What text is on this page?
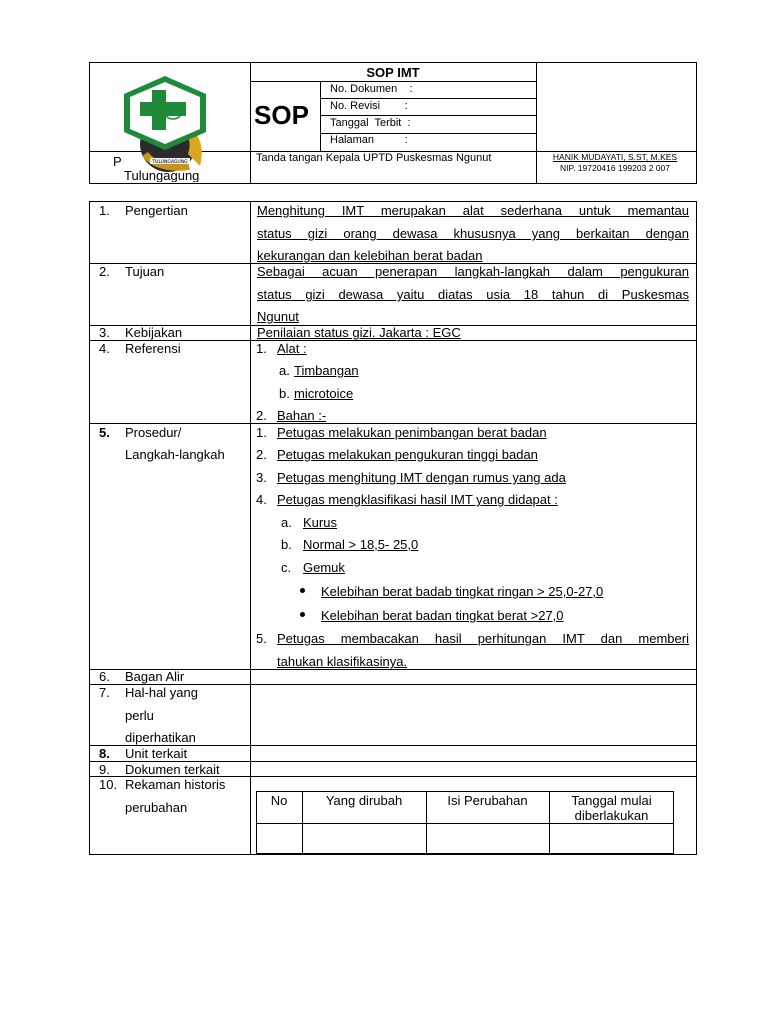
TULUNGAGUNG
P
Tulungagung
SOP IMT
SOP
No. Dokumen    :
No. Revisi        :
Tanggal  Terbit  :
Halaman          :
Tanda tangan Kepala UPTD Puskesmas Ngunut	HANIK MUDAYATI, S.ST, M.KES
NIP. 19720416 199203 2 007
1. Pengertian	Menghitung IMT merupakan alat sederhana untuk memantau
status gizi orang dewasa khususnya yang berkaitan dengan
kekurangan dan kelebihan berat badan
2. Tujuan	Sebagai acuan penerapan langkah-langkah dalam pengukuran
status gizi dewasa yaitu diatas usia 18 tahun di Puskesmas
Ngunut
3. Kebijakan	Penilaian status gizi. Jakarta : EGC
4. Referensi	1. Alat :
a. Timbangan
b. microtoice
2. Bahan :-
5. Prosedur/
Langkah-langkah
1. Petugas melakukan penimbangan berat badan
2. Petugas melakukan pengukuran tinggi badan
3. Petugas menghitung IMT dengan rumus yang ada
4. Petugas mengklasifikasi hasil IMT yang didapat :
a. Kurus
b. Normal > 18,5- 25,0
c. Gemuk
Kelebihan berat badab tingkat ringan > 25,0-27,0
Kelebihan berat badan tingkat berat >27,0
5. Petugas membacakan hasil perhitungan IMT dan memberi
tahukan klasifikasinya.
6. Bagan Alir
7. Hal-hal yang
perlu
diperhatikan
8. Unit terkait
9. Dokumen terkait
10. Rekaman historis
perubahan	No	Yang dirubah	Isi Perubahan	Tanggal mulai
diberlakukan
